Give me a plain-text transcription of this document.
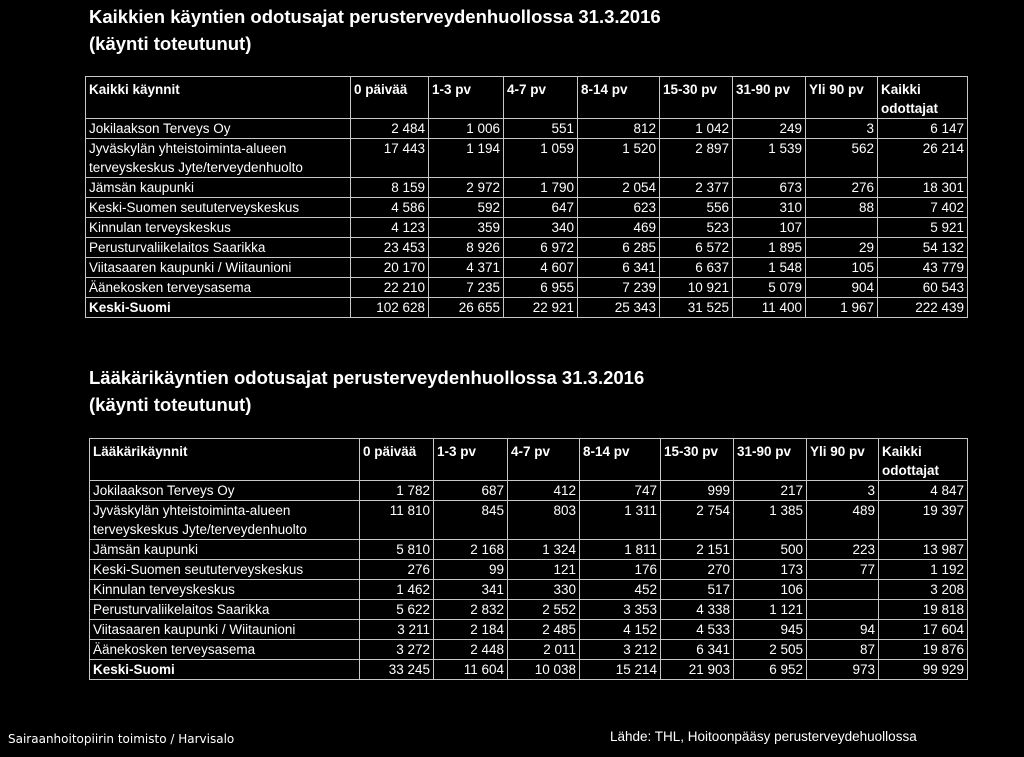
Kaikkien käyntien odotusajat perusterveydenhuollossa 31.3.2016
(käynti toteutunut)
Kaikki käynnit	0 päivää	1-3 pv	4-7 pv	8-14 pv	15-30 pv	31-90 pv	Yli 90 pv	Kaikki odottajat
Jokilaakson Terveys Oy	2 484	1 006	551	812	1 042	249	3	6 147
Jyväskylän yhteistoiminta-alueen terveyskeskus Jyte/terveydenhuolto	17 443	1 194	1 059	1 520	2 897	1 539	562	26 214
Jämsän kaupunki	8 159	2 972	1 790	2 054	2 377	673	276	18 301
Keski-Suomen seututerveyskeskus	4 586	592	647	623	556	310	88	7 402
Kinnulan terveyskeskus	4 123	359	340	469	523	107		5 921
Perusturvaliikelaitos Saarikka	23 453	8 926	6 972	6 285	6 572	1 895	29	54 132
Viitasaaren kaupunki / Wiitaunioni	20 170	4 371	4 607	6 341	6 637	1 548	105	43 779
Äänekosken terveysasema	22 210	7 235	6 955	7 239	10 921	5 079	904	60 543
Keski-Suomi	102 628	26 655	22 921	25 343	31 525	11 400	1 967	222 439
Lääkärikäyntien odotusajat perusterveydenhuollossa 31.3.2016
(käynti toteutunut)
Lääkärikäynnit	0 päivää	1-3 pv	4-7 pv	8-14 pv	15-30 pv	31-90 pv	Yli 90 pv	Kaikki odottajat
Jokilaakson Terveys Oy	1 782	687	412	747	999	217	3	4 847
Jyväskylän yhteistoiminta-alueen terveyskeskus Jyte/terveydenhuolto	11 810	845	803	1 311	2 754	1 385	489	19 397
Jämsän kaupunki	5 810	2 168	1 324	1 811	2 151	500	223	13 987
Keski-Suomen seututerveyskeskus	276	99	121	176	270	173	77	1 192
Kinnulan terveyskeskus	1 462	341	330	452	517	106		3 208
Perusturvaliikelaitos Saarikka	5 622	2 832	2 552	3 353	4 338	1 121		19 818
Viitasaaren kaupunki / Wiitaunioni	3 211	2 184	2 485	4 152	4 533	945	94	17 604
Äänekosken terveysasema	3 272	2 448	2 011	3 212	6 341	2 505	87	19 876
Keski-Suomi	33 245	11 604	10 038	15 214	21 903	6 952	973	99 929
Sairaanhoitopiirin toimisto / Harvisalo	Lähde: THL, Hoitoonpääsy perusterveydehuollossa
